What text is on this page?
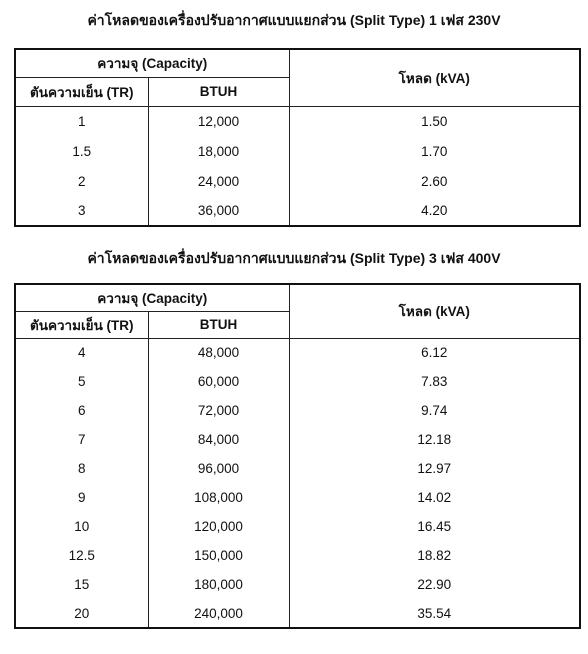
ค่าโหลดของเครื่องปรับอากาศแบบแยกส่วน (Split Type) 1 เฟส 230V
ความจุ (Capacity)		โหลด (kVA)
ตันความเย็น (TR)	BTUH	
1	12,000	1.50
1.5	18,000	1.70
2	24,000	2.60
3	36,000	4.20
ค่าโหลดของเครื่องปรับอากาศแบบแยกส่วน (Split Type) 3 เฟส 400V
ความจุ (Capacity)		โหลด (kVA)
ตันความเย็น (TR)	BTUH	
4	48,000	6.12
5	60,000	7.83
6	72,000	9.74
7	84,000	12.18
8	96,000	12.97
9	108,000	14.02
10	120,000	16.45
12.5	150,000	18.82
15	180,000	22.90
20	240,000	35.54
